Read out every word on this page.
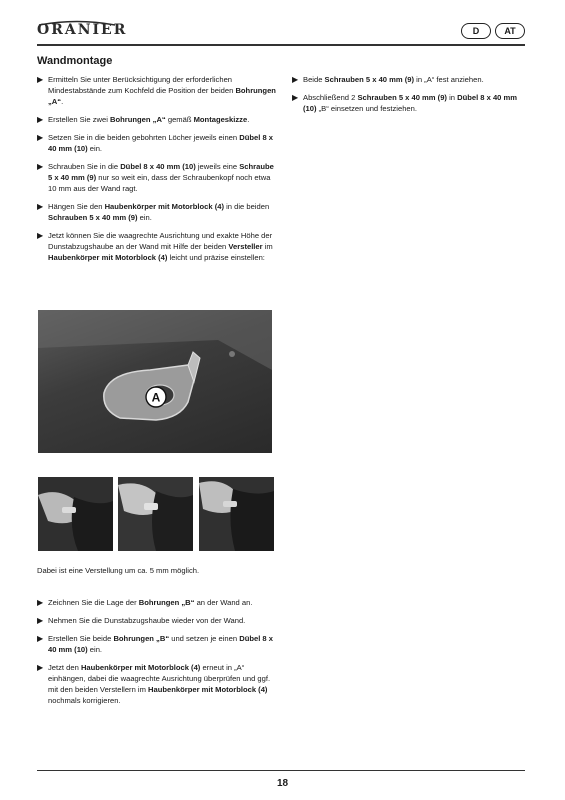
ORANIER	D	AT
Wandmontage
▶ Ermitteln Sie unter Berücksichtigung der erforderlichen Mindestabstände zum Kochfeld die Position der beiden Bohrungen „A“.
▶ Erstellen Sie zwei Bohrungen „A“ gemäß Montageskizze.
▶ Setzen Sie in die beiden gebohrten Löcher jeweils einen Dübel 8 x 40 mm (10) ein.
▶ Schrauben Sie in die Dübel 8 x 40 mm (10) jeweils eine Schraube 5 x 40 mm (9) nur so weit ein, dass der Schraubenkopf noch etwa 10 mm aus der Wand ragt.
▶ Hängen Sie den Haubenkörper mit Motorblock (4) in die beiden Schrauben 5 x 40 mm (9) ein.
▶ Jetzt können Sie die waagrechte Ausrichtung und exakte Höhe der Dunstabzugshaube an der Wand mit Hilfe der beiden Versteller im Haubenkörper mit Motorblock (4) leicht und präzise einstellen:
▶ Beide Schrauben 5 x 40 mm (9) in „A“ fest anziehen.
▶ Abschließend 2 Schrauben 5 x 40 mm (9) in Dübel 8 x 40 mm (10) „B“ einsetzen und festziehen.
A
Dabei ist eine Verstellung um ca. 5 mm möglich.
▶ Zeichnen Sie die Lage der Bohrungen „B“ an der Wand an.
▶ Nehmen Sie die Dunstabzugshaube wieder von der Wand.
▶ Erstellen Sie beide Bohrungen „B“ und setzen je einen Dübel 8 x 40 mm (10) ein.
▶ Jetzt den Haubenkörper mit Motorblock (4) erneut in „A“ einhängen, dabei die waagrechte Ausrichtung überprüfen und ggf. mit den beiden Verstellern im Haubenkörper mit Motorblock (4) nochmals korrigieren.
18
